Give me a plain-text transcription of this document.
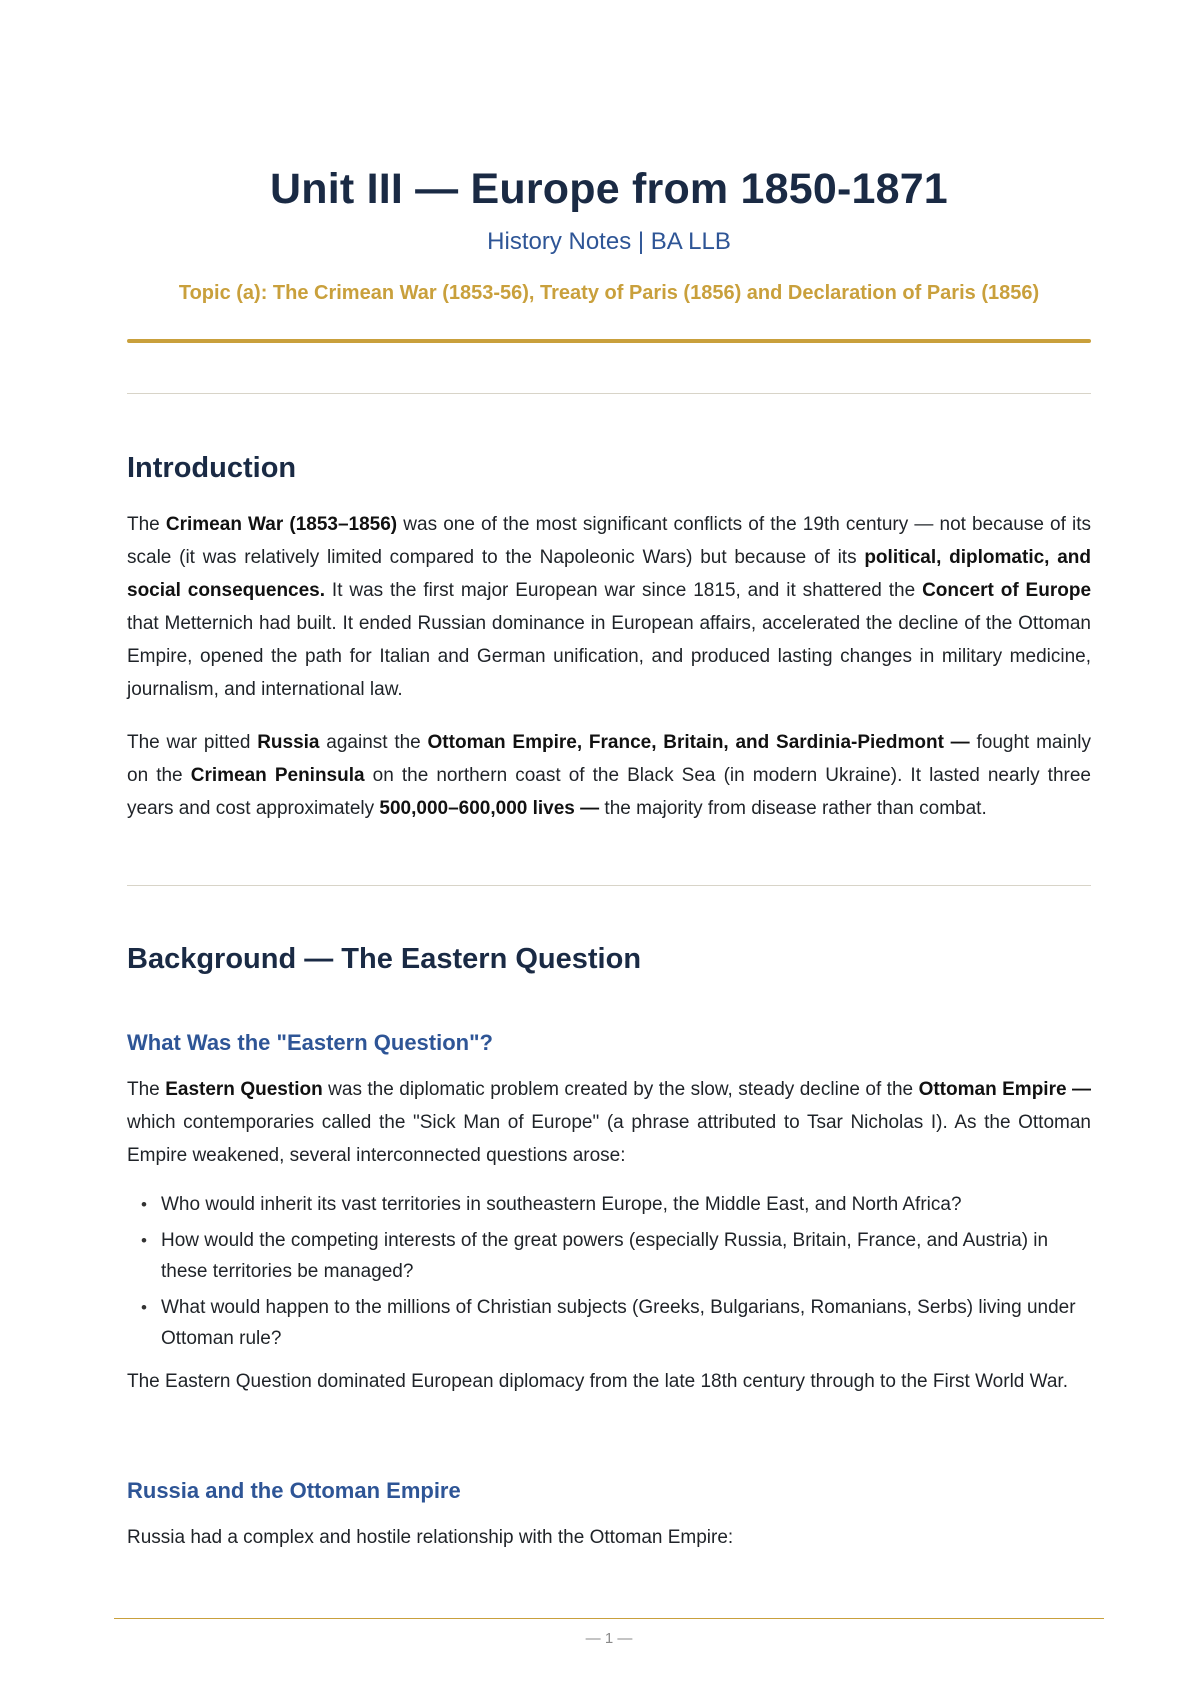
Unit III — Europe from 1850-1871
History Notes | BA LLB
Topic (a): The Crimean War (1853-56), Treaty of Paris (1856) and Declaration of Paris (1856)
Introduction
The Crimean War (1853–1856) was one of the most significant conflicts of the 19th century — not because of its scale (it was relatively limited compared to the Napoleonic Wars) but because of its political, diplomatic, and social consequences. It was the first major European war since 1815, and it shattered the Concert of Europe that Metternich had built. It ended Russian dominance in European affairs, accelerated the decline of the Ottoman Empire, opened the path for Italian and German unification, and produced lasting changes in military medicine, journalism, and international law.
The war pitted Russia against the Ottoman Empire, France, Britain, and Sardinia-Piedmont — fought mainly on the Crimean Peninsula on the northern coast of the Black Sea (in modern Ukraine). It lasted nearly three years and cost approximately 500,000–600,000 lives — the majority from disease rather than combat.
Background — The Eastern Question
What Was the "Eastern Question"?
The Eastern Question was the diplomatic problem created by the slow, steady decline of the Ottoman Empire — which contemporaries called the "Sick Man of Europe" (a phrase attributed to Tsar Nicholas I). As the Ottoman Empire weakened, several interconnected questions arose:
• Who would inherit its vast territories in southeastern Europe, the Middle East, and North Africa?
• How would the competing interests of the great powers (especially Russia, Britain, France, and Austria) in these territories be managed?
• What would happen to the millions of Christian subjects (Greeks, Bulgarians, Romanians, Serbs) living under Ottoman rule?
The Eastern Question dominated European diplomacy from the late 18th century through to the First World War.
Russia and the Ottoman Empire
Russia had a complex and hostile relationship with the Ottoman Empire:
— 1 —
